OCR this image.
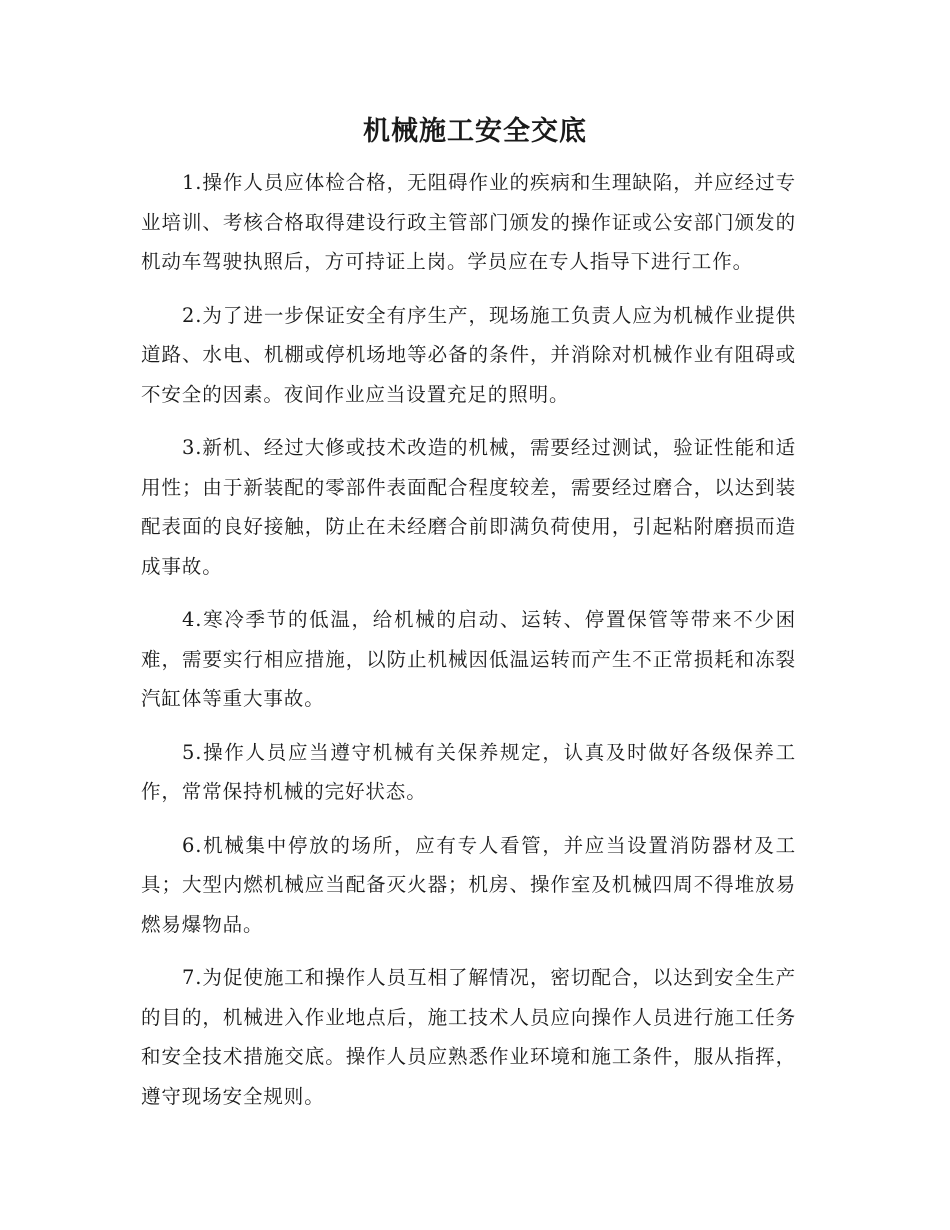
机械施工安全交底

1.操作人员应体检合格，无阻碍作业的疾病和生理缺陷，并应经过专业培训、考核合格取得建设行政主管部门颁发的操作证或公安部门颁发的机动车驾驶执照后，方可持证上岗。学员应在专人指导下进行工作。

2.为了进一步保证安全有序生产，现场施工负责人应为机械作业提供道路、水电、机棚或停机场地等必备的条件，并消除对机械作业有阻碍或不安全的因素。夜间作业应当设置充足的照明。

3.新机、经过大修或技术改造的机械，需要经过测试，验证性能和适用性；由于新装配的零部件表面配合程度较差，需要经过磨合，以达到装配表面的良好接触，防止在未经磨合前即满负荷使用，引起粘附磨损而造成事故。

4.寒冷季节的低温，给机械的启动、运转、停置保管等带来不少困难，需要实行相应措施，以防止机械因低温运转而产生不正常损耗和冻裂汽缸体等重大事故。

5.操作人员应当遵守机械有关保养规定，认真及时做好各级保养工作，常常保持机械的完好状态。

6.机械集中停放的场所，应有专人看管，并应当设置消防器材及工具；大型内燃机械应当配备灭火器；机房、操作室及机械四周不得堆放易燃易爆物品。

7.为促使施工和操作人员互相了解情况，密切配合，以达到安全生产的目的，机械进入作业地点后，施工技术人员应向操作人员进行施工任务和安全技术措施交底。操作人员应熟悉作业环境和施工条件，服从指挥，遵守现场安全规则。
